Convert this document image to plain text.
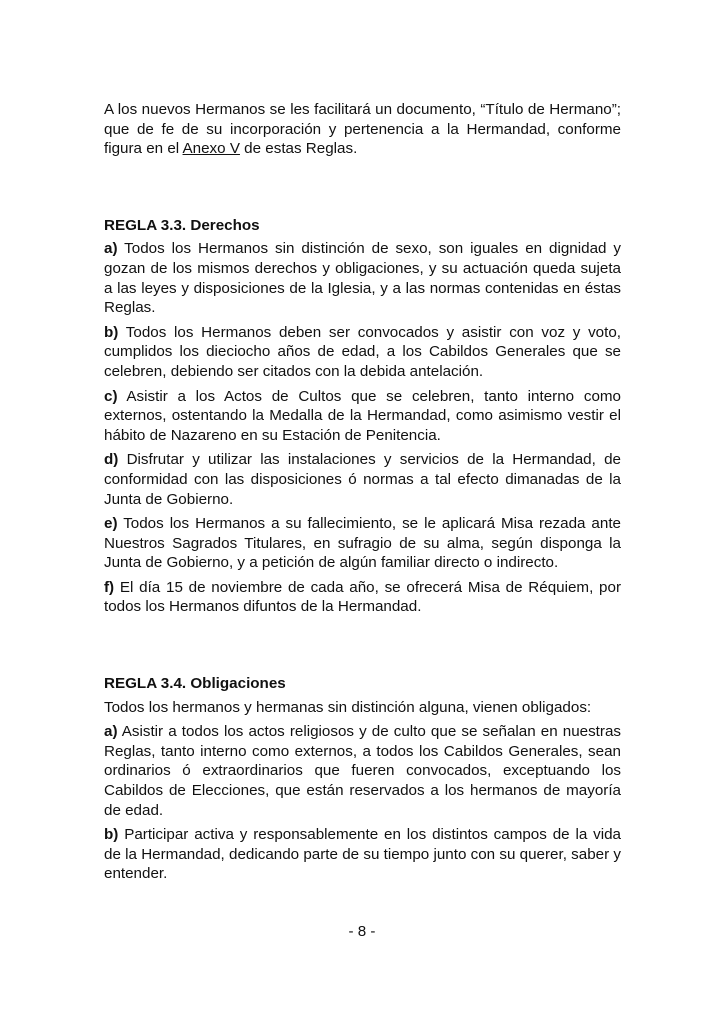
A los nuevos Hermanos se les facilitará un documento, “Título de Hermano”; que de fe de su incorporación y pertenencia a la Hermandad, conforme figura en el Anexo V de estas Reglas.

REGLA 3.3. Derechos

a) Todos los Hermanos sin distinción de sexo, son iguales en dignidad y gozan de los mismos derechos y obligaciones, y su actuación queda sujeta a las leyes y disposiciones de la Iglesia, y a las normas contenidas en éstas Reglas.

b) Todos los Hermanos deben ser convocados y asistir con voz y voto, cumplidos los dieciocho años de edad, a los Cabildos Generales que se celebren, debiendo ser citados con la debida antelación.

c) Asistir a los Actos de Cultos que se celebren, tanto interno como externos, ostentando la Medalla de la Hermandad, como asimismo vestir el hábito de Nazareno en su Estación de Penitencia.

d) Disfrutar y utilizar las instalaciones y servicios de la Hermandad, de conformidad con las disposiciones ó normas a tal efecto dimanadas de la Junta de Gobierno.

e) Todos los Hermanos a su fallecimiento, se le aplicará Misa rezada ante Nuestros Sagrados Titulares, en sufragio de su alma, según disponga la Junta de Gobierno, y a petición de algún familiar directo o indirecto.

f) El día 15 de noviembre de cada año, se ofrecerá Misa de Réquiem, por todos los Hermanos difuntos de la Hermandad.

REGLA 3.4. Obligaciones

Todos los hermanos y hermanas sin distinción alguna, vienen obligados:

a) Asistir a todos los actos religiosos y de culto que se señalan en nuestras Reglas, tanto interno como externos, a todos los Cabildos Generales, sean ordinarios ó extraordinarios que fueren convocados, exceptuando los Cabildos de Elecciones, que están reservados a los hermanos de mayoría de edad.

b) Participar activa y responsablemente en los distintos campos de la vida de la Hermandad, dedicando parte de su tiempo junto con su querer, saber y entender.

- 8 -
